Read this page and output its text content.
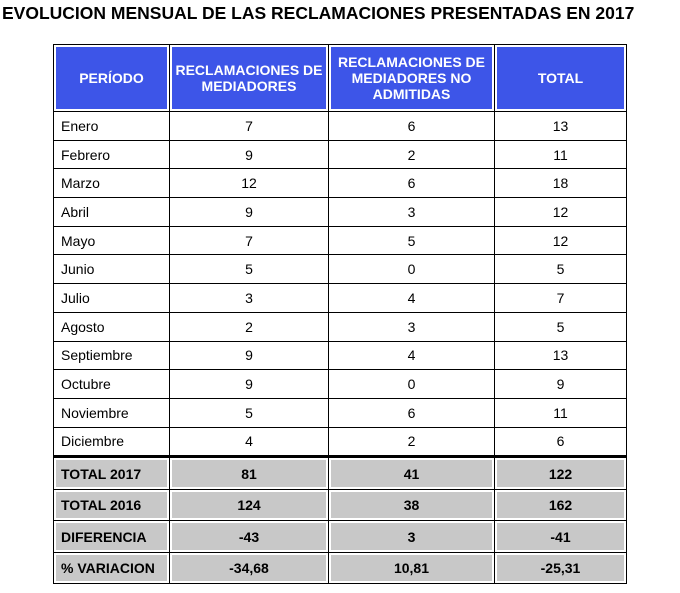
EVOLUCION MENSUAL DE LAS RECLAMACIONES PRESENTADAS EN 2017
PERÍODO	RECLAMACIONES DE MEDIADORES	RECLAMACIONES DE MEDIADORES NO ADMITIDAS	TOTAL
Enero	7	6	13
Febrero	9	2	11
Marzo	12	6	18
Abril	9	3	12
Mayo	7	5	12
Junio	5	0	5
Julio	3	4	7
Agosto	2	3	5
Septiembre	9	4	13
Octubre	9	0	9
Noviembre	5	6	11
Diciembre	4	2	6
TOTAL 2017	81	41	122
TOTAL 2016	124	38	162
DIFERENCIA	-43	3	-41
% VARIACION	-34,68	10,81	-25,31
